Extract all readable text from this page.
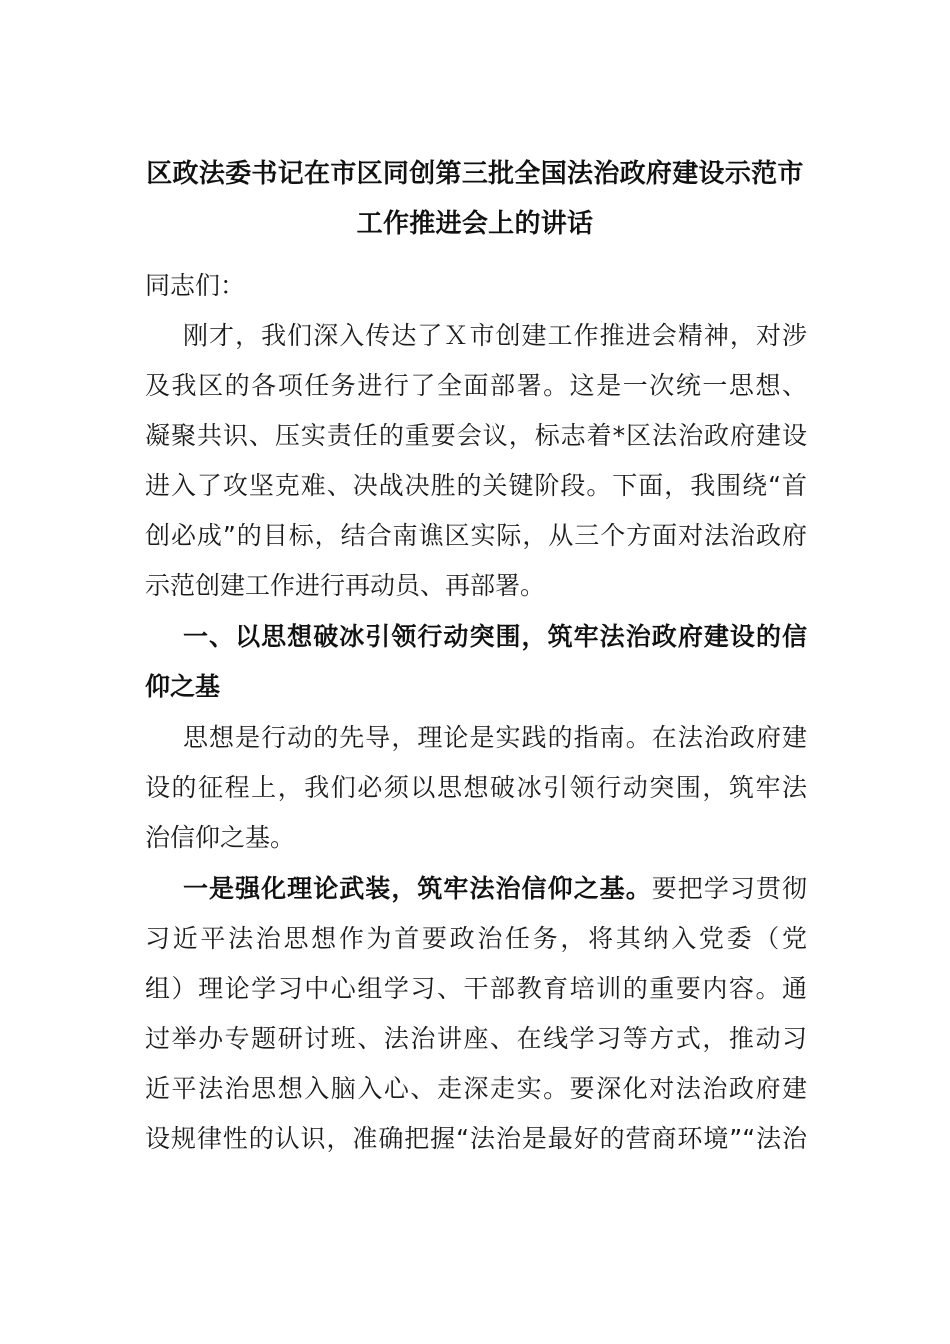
区政法委书记在市区同创第三批全国法治政府建设示范市
工作推进会上的讲话
同志们：
刚才，我们深入传达了Ｘ市创建工作推进会精神，对涉
及我区的各项任务进行了全面部署。这是一次统一思想、
凝聚共识、压实责任的重要会议，标志着*区法治政府建设
进入了攻坚克难、决战决胜的关键阶段。下面，我围绕“首
创必成”的目标，结合南谯区实际，从三个方面对法治政府
示范创建工作进行再动员、再部署。
一、以思想破冰引领行动突围，筑牢法治政府建设的信
仰之基
思想是行动的先导，理论是实践的指南。在法治政府建
设的征程上，我们必须以思想破冰引领行动突围，筑牢法
治信仰之基。
一是强化理论武装，筑牢法治信仰之基。要把学习贯彻
习近平法治思想作为首要政治任务，将其纳入党委（党
组）理论学习中心组学习、干部教育培训的重要内容。通
过举办专题研讨班、法治讲座、在线学习等方式，推动习
近平法治思想入脑入心、走深走实。要深化对法治政府建
设规律性的认识，准确把握“法治是最好的营商环境”“法治
